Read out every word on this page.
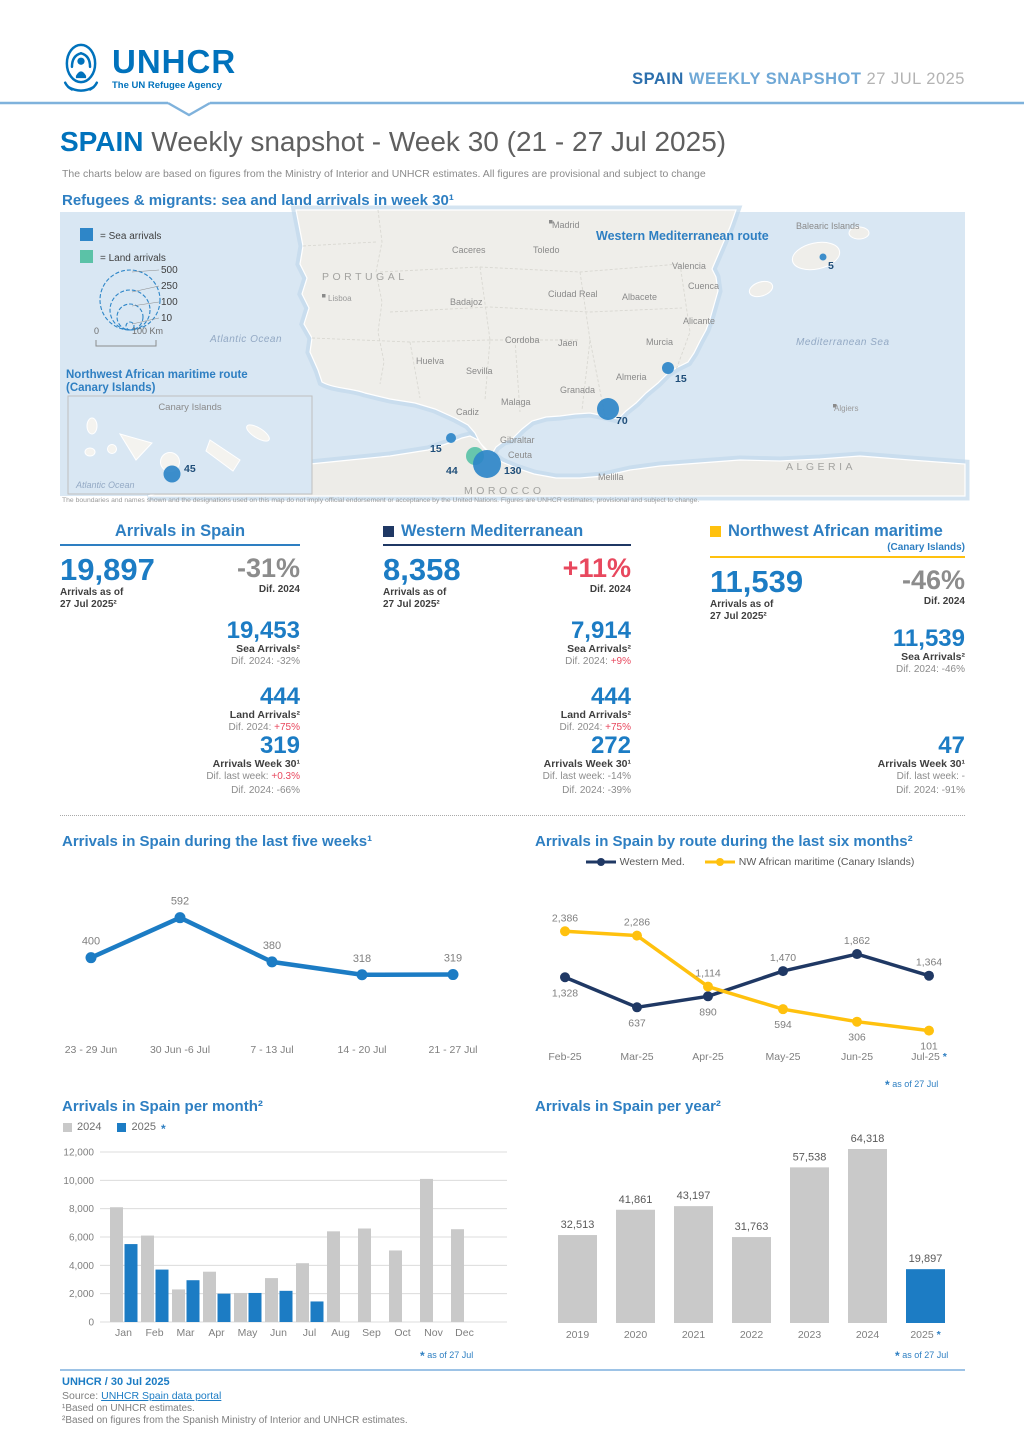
UNHCR
The UN Refugee Agency	SPAIN WEEKLY SNAPSHOT 27 JUL 2025
SPAIN Weekly snapshot - Week 30 (21 - 27 Jul 2025)
The charts below are based on figures from the Ministry of Interior and UNHCR estimates. All figures are provisional and subject to change
Refugees & migrants: sea and land arrivals in week 30¹
= Sea arrivals
= Land arrivals
500
250
100
10
0	100 Km
PORTUGAL
Lisboa
Madrid
Caceres	Toledo
Cuenca
Badajoz
Ciudad Real	Albacete
Valencia
Alicante
Murcia
Cordoba Jaen
Huelva
Sevilla
Granada
Almeria
Malaga
Cadiz
Gibraltar
Ceuta
Melilla
Algiers
MOROCCO
ALGERIA
Balearic Islands
Atlantic Ocean	Mediterranean Sea
Western Mediterranean route
Northwest African maritime route
(Canary Islands)
5
15
70
15
44	130
Canary Islands
Atlantic Ocean
45
The boundaries and names shown and the designations used on this map do not imply official endorsement or acceptance by the United Nations. Figures are UNHCR estimates, provisional and subject to change.
Arrivals in Spain
19,897
Arrivals as of
27 Jul 2025²
-31%
Dif. 2024
19,453
Sea Arrivals²
Dif. 2024: -32%
444
Land Arrivals²
Dif. 2024: +75%
319
Arrivals Week 30¹
Dif. last week: +0.3%
Dif. 2024: -66%
Western Mediterranean
8,358
Arrivals as of
27 Jul 2025²
+11%
Dif. 2024
7,914
Sea Arrivals²
Dif. 2024: +9%
444
Land Arrivals²
Dif. 2024: +75%
272
Arrivals Week 30¹
Dif. last week: -14%
Dif. 2024: -39%
Northwest African maritime
(Canary Islands)
11,539
Arrivals as of
27 Jul 2025²
-46%
Dif. 2024
11,539
Sea Arrivals²
Dif. 2024: -46%
47
Arrivals Week 30¹
Dif. last week: -
Dif. 2024: -91%
Arrivals in Spain during the last five weeks¹
400
592
380
318	319
23 - 29 Jun	30 Jun -6 Jul	7 - 13 Jul	14 - 20 Jul	21 - 27 Jul
Arrivals in Spain by route during the last six months²
Western Med.	NW African maritime (Canary Islands)
1,328
637
890
1,470
1,862
1,364
2,386	2,286
1,114
594
306
101
Feb-25	Mar-25	Apr-25	May-25	Jun-25	Jul-25 *
* as of 27 Jul
Arrivals in Spain per month²
2024	2025 *
0
2,000
4,000
6,000
8,000
10,000
12,000
Jan Feb Mar Apr May Jun Jul Aug Sep Oct Nov Dec
* as of 27 Jul
Arrivals in Spain per year²
32,513
2019
41,861
2020
43,197
2021
31,763
2022
57,538
2023
64,318
2024
19,897
2025 *
* as of 27 Jul
UNHCR / 30 Jul 2025
Source: UNHCR Spain data portal
¹Based on UNHCR estimates.
²Based on figures from the Spanish Ministry of Interior and UNHCR estimates.
